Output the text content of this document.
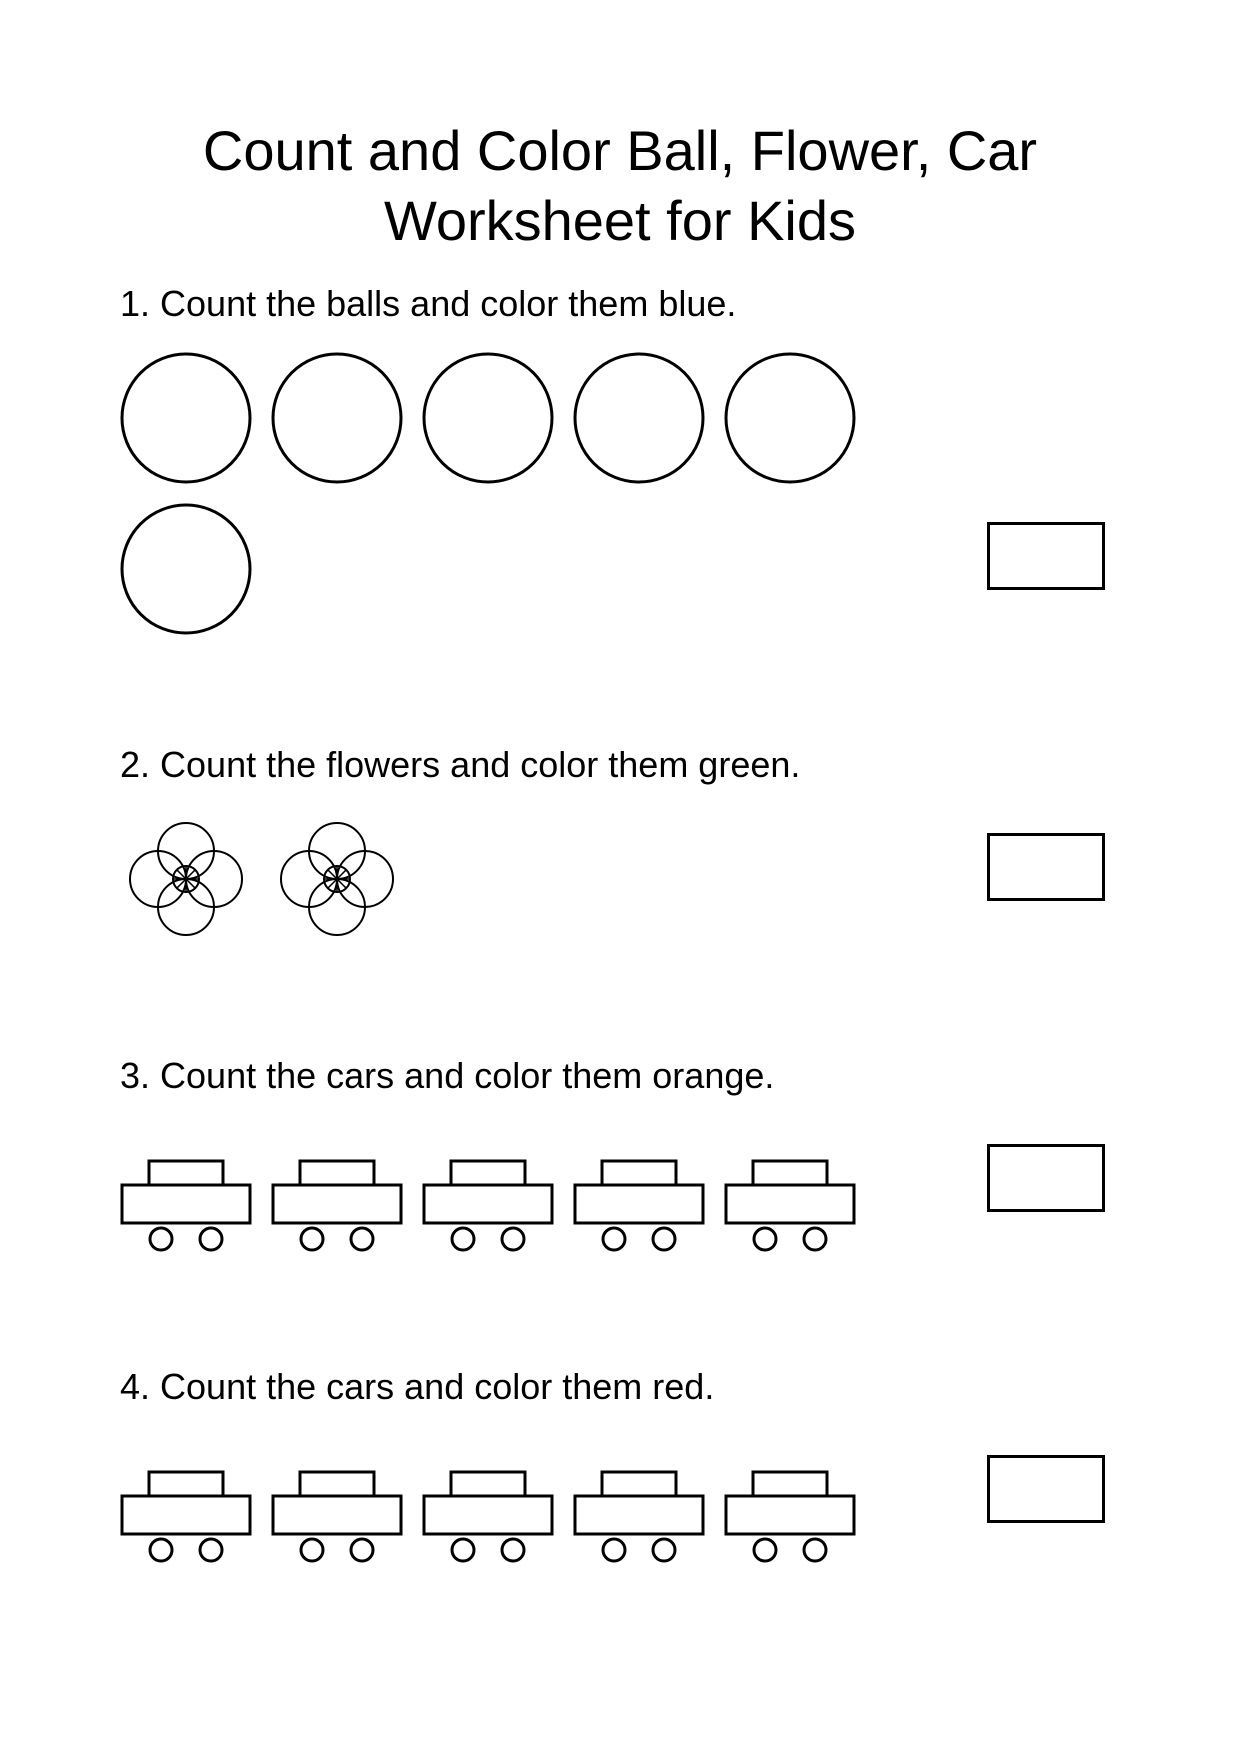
Count and Color Ball, Flower, Car
Worksheet for Kids
1. Count the balls and color them blue.
2. Count the flowers and color them green.
3. Count the cars and color them orange.
4. Count the cars and color them red.
